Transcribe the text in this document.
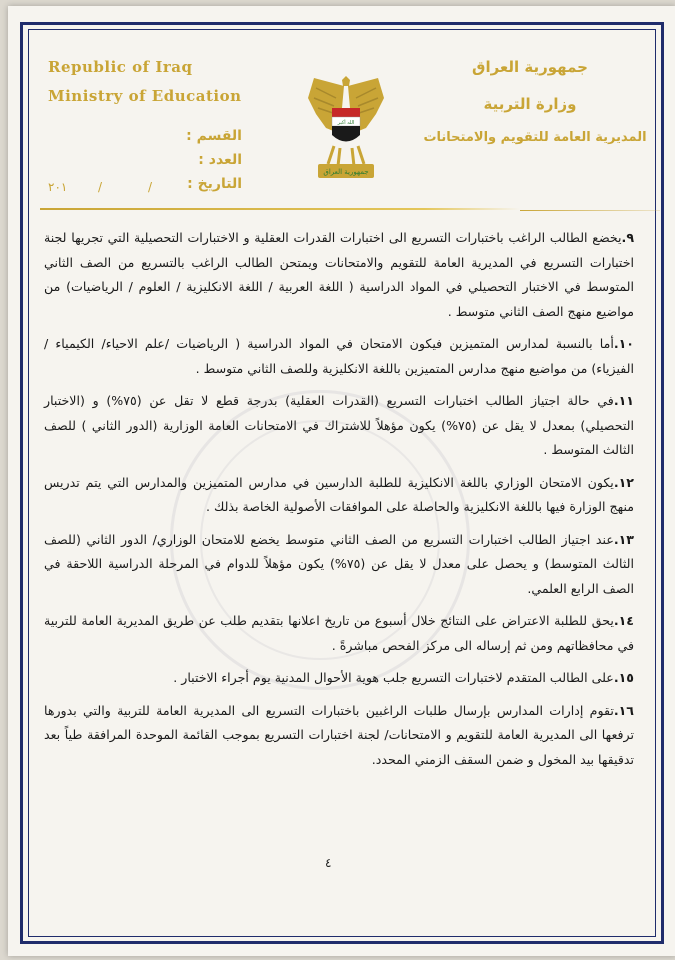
Republic of Iraq
Ministry of Education
جمهورية العراق
وزارة التربية
المديرية العامة للتقويم والامتحانات
القسم :
العدد :
التاريخ :
/
/
٢٠١
الله أكبر
جمهورية العراق

٩.يخضع الطالب الراغب باختبارات التسريع الى اختبارات القدرات العقلية و الاختبارات التحصيلية التي تجريها لجنة اختبارات التسريع في المديرية العامة للتقويم والامتحانات ويمتحن الطالب الراغب بالتسريع من الصف الثاني المتوسط في الاختبار التحصيلي في المواد الدراسية ( اللغة العربية / اللغة الانكليزية / العلوم / الرياضيات) من مواضيع منهج الصف الثاني متوسط .

١٠.أما بالنسبة لمدارس المتميزين فيكون الامتحان في المواد الدراسية ( الرياضيات /علم الاحياء/ الكيمياء / الفيزياء) من مواضيع منهج مدارس المتميزين باللغة الانكليزية وللصف الثاني متوسط .

١١.في حالة اجتياز الطالب اختبارات التسريع (القدرات العقلية) بدرجة قطع لا تقل عن (٧٥%) و (الاختبار التحصيلي) بمعدل لا يقل عن (٧٥%) يكون مؤهلاً للاشتراك في الامتحانات العامة الوزارية (الدور الثاني ) للصف الثالث المتوسط .

١٢.يكون الامتحان الوزاري باللغة الانكليزية للطلبة الدارسين في مدارس المتميزين والمدارس التي يتم تدريس منهج الوزارة فيها باللغة الانكليزية والحاصلة على الموافقات الأصولية الخاصة بذلك .

١٣.عند اجتياز الطالب اختبارات التسريع من الصف الثاني متوسط يخضع للامتحان الوزاري/ الدور الثاني (للصف الثالث المتوسط) و يحصل على معدل لا يقل عن (٧٥%) يكون مؤهلاً للدوام في المرحلة الدراسية اللاحقة في الصف الرابع العلمي.

١٤.يحق للطلبة الاعتراض على النتائج خلال أسبوع من تاريخ اعلانها بتقديم طلب عن طريق المديرية العامة للتربية في محافظاتهم ومن ثم إرساله الى مركز الفحص مباشرةً .

١٥.على الطالب المتقدم لاختبارات التسريع جلب هوية الأحوال المدنية يوم أجراء الاختبار .

١٦.تقوم إدارات المدارس بإرسال طلبات الراغبين باختبارات التسريع الى المديرية العامة للتربية والتي بدورها ترفعها الى المديرية العامة للتقويم و الامتحانات/ لجنة اختبارات التسريع بموجب القائمة الموحدة المرافقة طياً بعد تدقيقها بيد المخول و ضمن السقف الزمني المحدد.

٤
